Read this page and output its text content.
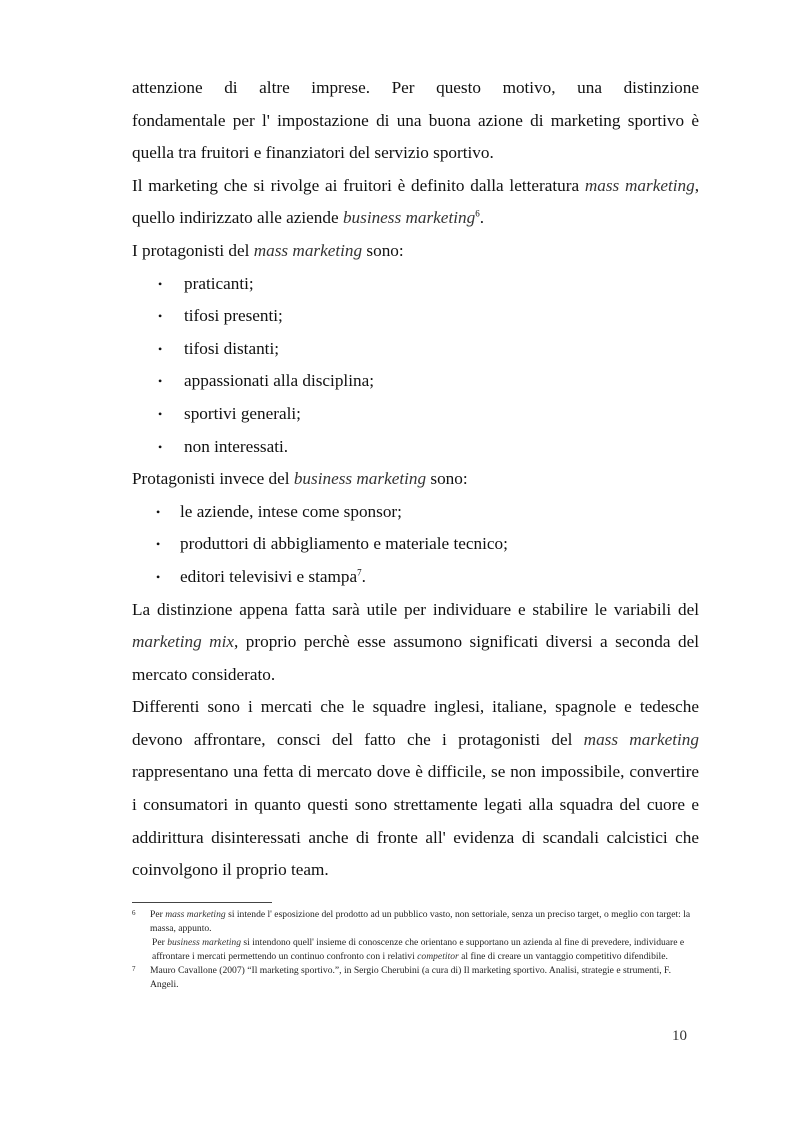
attenzione di altre imprese. Per questo motivo, una distinzione

fondamentale per l' impostazione di una buona azione di marketing sportivo è quella tra fruitori e finanziatori del servizio sportivo.

Il marketing che si rivolge ai fruitori è definito dalla letteratura mass marketing, quello indirizzato alle aziende business marketing$^6$.

I protagonisti del mass marketing sono:

• praticanti;
• tifosi presenti;
• tifosi distanti;
• appassionati alla disciplina;
• sportivi generali;
• non interessati.

Protagonisti invece del business marketing sono:

• le aziende, intese come sponsor;
• produttori di abbigliamento e materiale tecnico;
• editori televisivi e stampa$^7$.

La distinzione appena fatta sarà utile per individuare e stabilire le variabili del marketing mix, proprio perchè esse assumono significati diversi a seconda del mercato considerato.

Differenti sono i mercati che le squadre inglesi, italiane, spagnole e tedesche devono affrontare, consci del fatto che i protagonisti del mass marketing rappresentano una fetta di mercato dove è difficile, se non impossibile, convertire i consumatori in quanto questi sono strettamente legati alla squadra del cuore e addirittura disinteressati anche di fronte all' evidenza di scandali calcistici che coinvolgono il proprio team.

6 Per mass marketing si intende l' esposizione del prodotto ad un pubblico vasto, non settoriale, senza un preciso target, o meglio con target: la massa, appunto.
Per business marketing si intendono quell' insieme di conoscenze che orientano e supportano un azienda al fine di prevedere, individuare e affrontare i mercati permettendo un continuo confronto con i relativi competitor al fine di creare un vantaggio competitivo difendibile.
7 Mauro Cavallone (2007) “Il marketing sportivo.”, in Sergio Cherubini (a cura di) Il marketing sportivo. Analisi, strategie e strumenti, F. Angeli.
10
